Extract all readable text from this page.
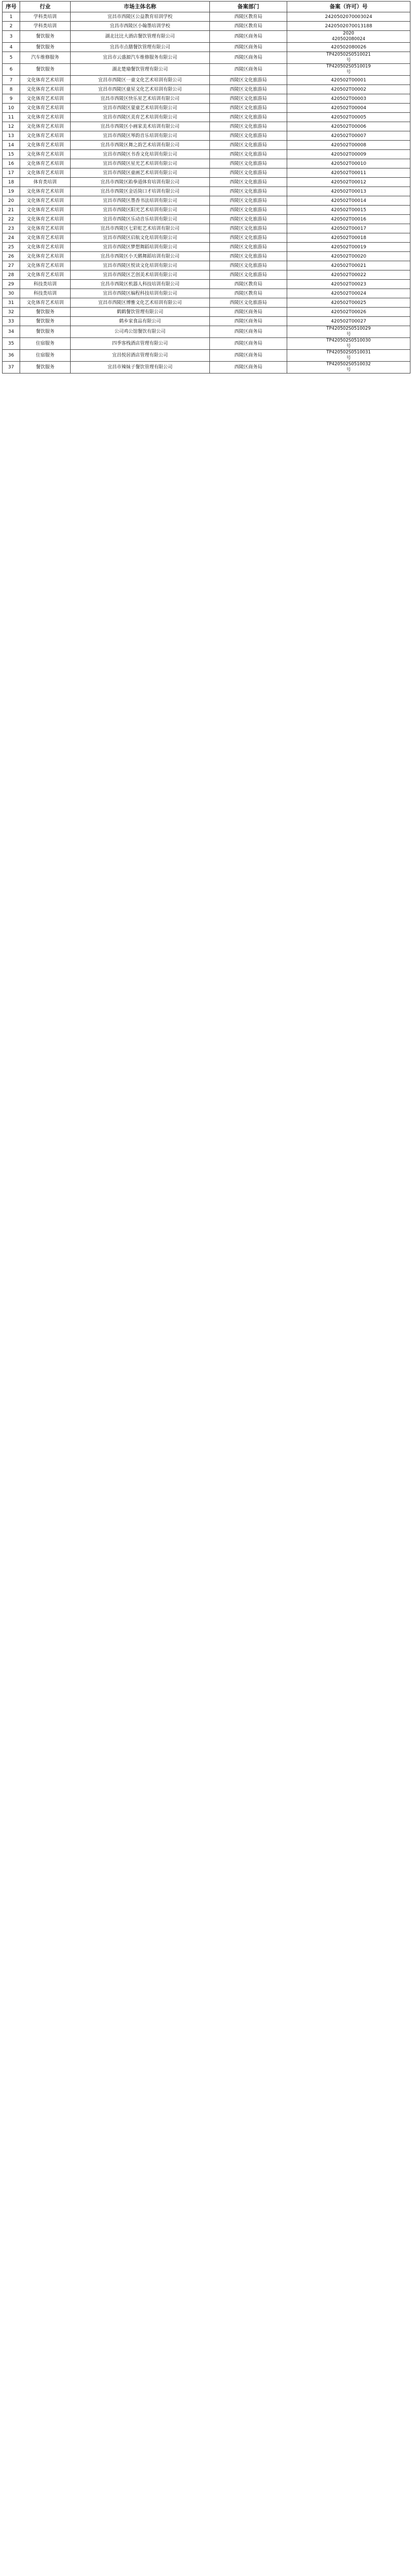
序号	行业	市场主体名称	备案部门	备案（许可）号
1	学科类培训	宜昌市西陵区公益教育培训学校	西陵区教育局	2420502070003024
2	学科类培训	宜昌市西陵区小翰墨培训学校	西陵区教育局	2420502070013188
3	餐饮服务	湖北比比大酒店餐饮管理有限公司	西陵区商务局	2020
420502080024
4	餐饮服务	宜昌市点膳餐饮管理有限公司	西陵区商务局	420502080026
5	汽车维修服务	宜昌市云盛源汽车维修服务有限公司	西陵区商务局	TP420502S0510021
号
6	餐饮服务	湖北楚瑜餐饮管理有限公司	西陵区商务局	TP420502S0510019
号
7	文化体育艺术培训	宜昌市西陵区一童文化艺术培训有限公司	西陵区文化旅游局	420502T00001
8	文化体育艺术培训	宜昌市西陵区童星文化艺术培训有限公司	西陵区文化旅游局	420502T00002
9	文化体育艺术培训	宜昌市西陵区快乐星艺术培训有限公司	西陵区文化旅游局	420502T00003
10	文化体育艺术培训	宜昌市西陵区蒙童艺术培训有限公司	西陵区文化旅游局	420502T00004
11	文化体育艺术培训	宜昌市西陵区美育艺术培训有限公司	西陵区文化旅游局	420502T00005
12	文化体育艺术培训	宜昌市西陵区小画家美术培训有限公司	西陵区文化旅游局	420502T00006
13	文化体育艺术培训	宜昌市西陵区琴韵音乐培训有限公司	西陵区文化旅游局	420502T00007
14	文化体育艺术培训	宜昌市西陵区舞之韵艺术培训有限公司	西陵区文化旅游局	420502T00008
15	文化体育艺术培训	宜昌市西陵区书香文化培训有限公司	西陵区文化旅游局	420502T00009
16	文化体育艺术培训	宜昌市西陵区星光艺术培训有限公司	西陵区文化旅游局	420502T00010
17	文化体育艺术培训	宜昌市西陵区童画艺术培训有限公司	西陵区文化旅游局	420502T00011
18	体育类培训	宜昌市西陵区跆拳道体育培训有限公司	西陵区文化旅游局	420502T00012
19	文化体育艺术培训	宜昌市西陵区金话筒口才培训有限公司	西陵区文化旅游局	420502T00013
20	文化体育艺术培训	宜昌市西陵区墨香书法培训有限公司	西陵区文化旅游局	420502T00014
21	文化体育艺术培训	宜昌市西陵区阳光艺术培训有限公司	西陵区文化旅游局	420502T00015
22	文化体育艺术培训	宜昌市西陵区乐动音乐培训有限公司	西陵区文化旅游局	420502T00016
23	文化体育艺术培训	宜昌市西陵区七彩虹艺术培训有限公司	西陵区文化旅游局	420502T00017
24	文化体育艺术培训	宜昌市西陵区启航文化培训有限公司	西陵区文化旅游局	420502T00018
25	文化体育艺术培训	宜昌市西陵区梦想舞蹈培训有限公司	西陵区文化旅游局	420502T00019
26	文化体育艺术培训	宜昌市西陵区小天鹅舞蹈培训有限公司	西陵区文化旅游局	420502T00020
27	文化体育艺术培训	宜昌市西陵区悦读文化培训有限公司	西陵区文化旅游局	420502T00021
28	文化体育艺术培训	宜昌市西陵区艺创美术培训有限公司	西陵区文化旅游局	420502T00022
29	科技类培训	宜昌市西陵区机器人科技培训有限公司	西陵区教育局	420502T00023
30	科技类培训	宜昌市西陵区编程科技培训有限公司	西陵区教育局	420502T00024
31	文化体育艺术培训	宜昌市西陵区博雅文化艺术培训有限公司	西陵区文化旅游局	420502T00025
32	餐饮服务	鹤鹤餐饮管理有限公司	西陵区商务局	420502T00026
33	餐饮服务	鹤乡家食品有限公司	西陵区商务局	420502T00027
34	餐饮服务	公司鸡公馆餐饮有限公司	西陵区商务局	TP420502S0510029
号
35	住宿服务	四季客栈酒店管理有限公司	西陵区商务局	TP420502S0510030
号
36	住宿服务	宜昌悦居酒店管理有限公司	西陵区商务局	TP420502S0510031
号
37	餐饮服务	宜昌市辣妹子餐饮管理有限公司	西陵区商务局	TP420502S0510032
号
